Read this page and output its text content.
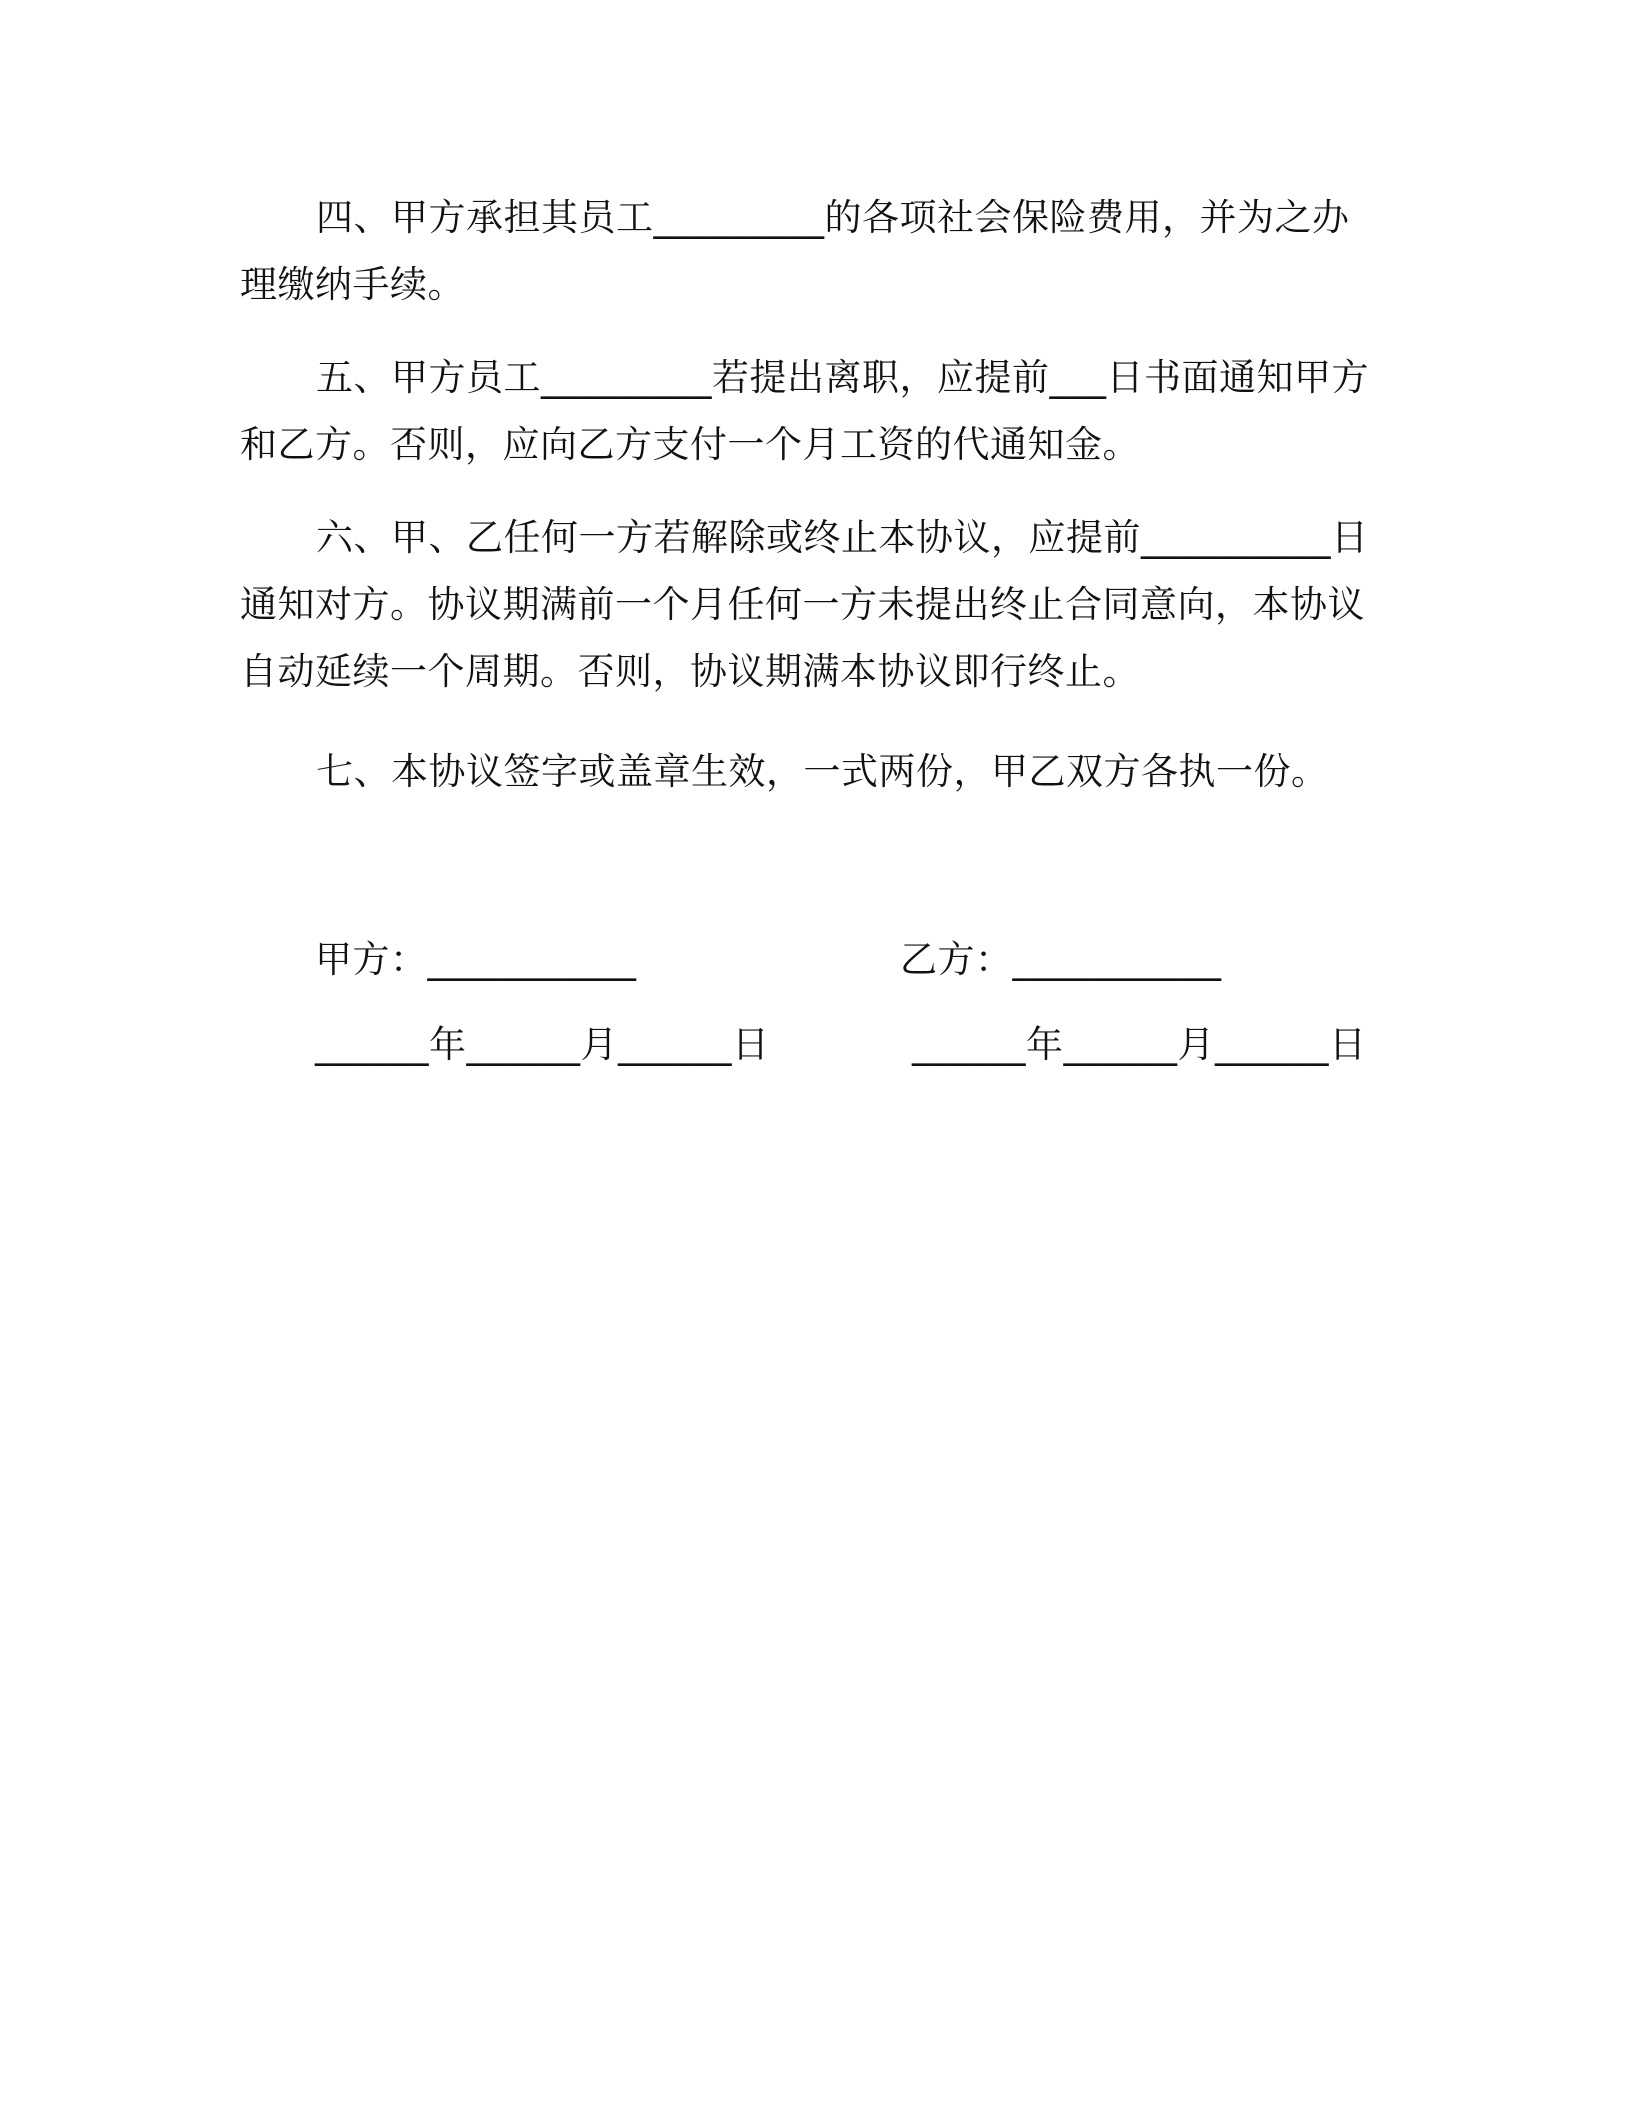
四、甲方承担其员工_________的各项社会保险费用，并为之办理缴纳手续。

五、甲方员工_________若提出离职，应提前___日书面通知甲方和乙方。否则，应向乙方支付一个月工资的代通知金。

六、甲、乙任何一方若解除或终止本协议，应提前__________日通知对方。协议期满前一个月任何一方未提出终止合同意向，本协议自动延续一个周期。否则，协议期满本协议即行终止。

七、本协议签字或盖章生效，一式两份，甲乙双方各执一份。

甲方：___________	乙方：___________

______年______月______日	______年______月______日
